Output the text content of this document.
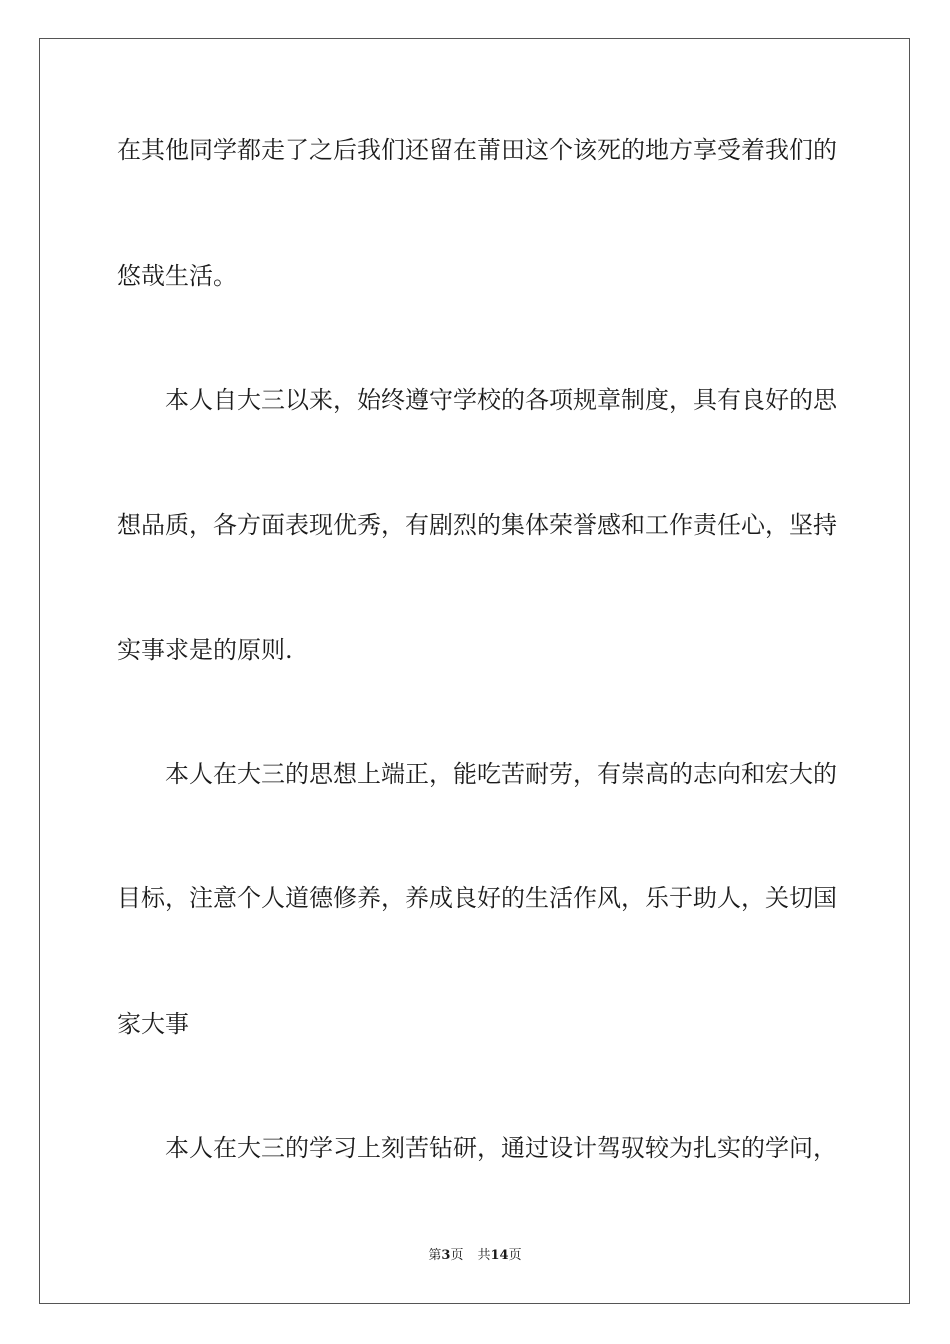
在其他同学都走了之后我们还留在莆田这个该死的地方享受着我们的

悠哉生活。

本人自大三以来，始终遵守学校的各项规章制度，具有良好的思

想品质，各方面表现优秀，有剧烈的集体荣誉感和工作责任心，坚持

实事求是的原则.

本人在大三的思想上端正，能吃苦耐劳，有崇高的志向和宏大的

目标，注意个人道德修养，养成良好的生活作风，乐于助人，关切国

家大事

本人在大三的学习上刻苦钻研，通过设计驾驭较为扎实的学问，

第3页 共14页
